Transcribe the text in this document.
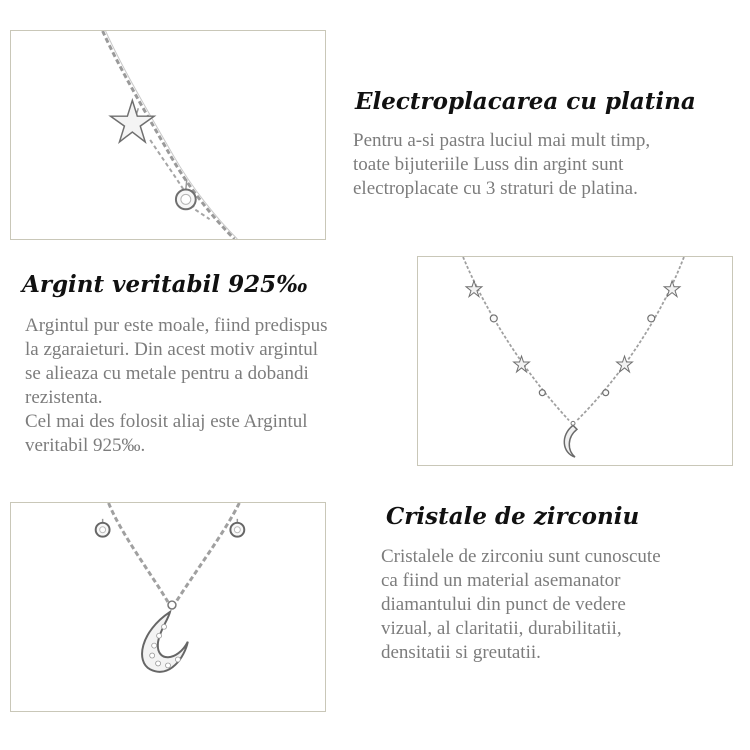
Electroplacarea cu platina
Pentru a-si pastra luciul mai mult timp,
toate bijuteriile Luss din argint sunt
electroplacate cu 3 straturi de platina.
Argint veritabil 925‰
Argintul pur este moale, fiind predispus
la zgaraieturi. Din acest motiv argintul
se alieaza cu metale pentru a dobandi
rezistenta.
Cel mai des folosit aliaj este Argintul
veritabil 925‰.
Cristale de zirconiu
Cristalele de zirconiu sunt cunoscute
ca fiind un material asemanator
diamantului din punct de vedere
vizual, al claritatii, durabilitatii,
densitatii si greutatii.
